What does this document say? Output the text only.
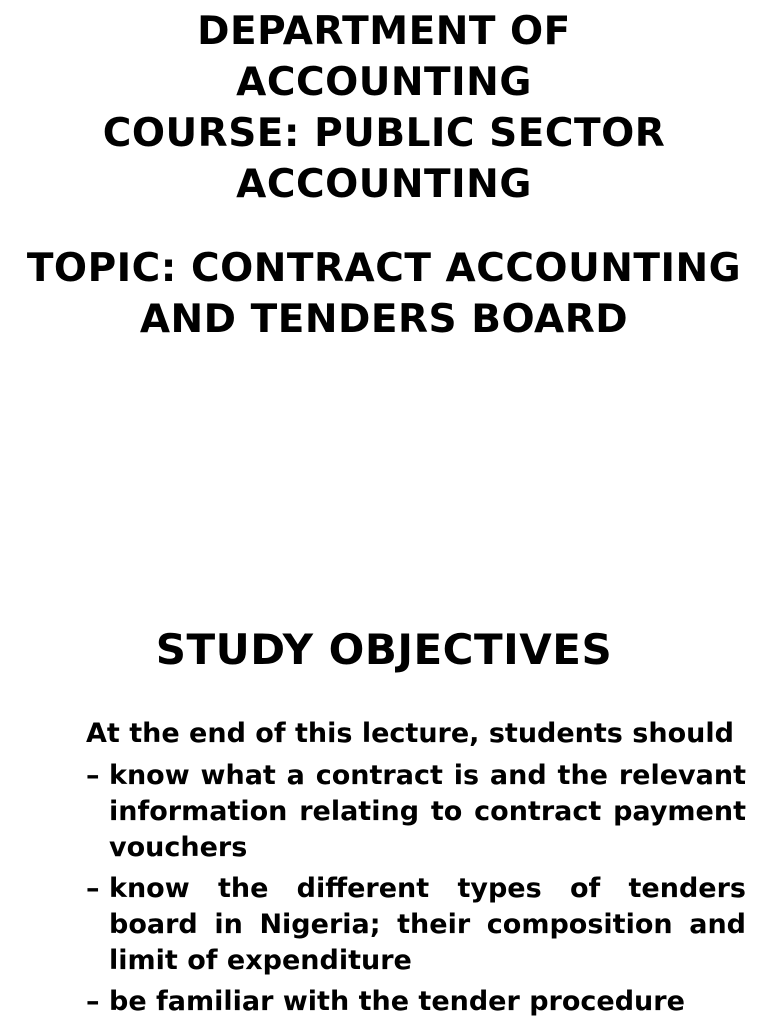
DEPARTMENT OF
ACCOUNTING
COURSE: PUBLIC SECTOR
ACCOUNTING
TOPIC: CONTRACT ACCOUNTING
AND TENDERS BOARD
STUDY OBJECTIVES
At the end of this lecture, students should
– know what a contract is and the relevant information relating to contract payment vouchers
– know the different types of tenders board in Nigeria; their composition and limit of expenditure
– be familiar with the tender procedure
